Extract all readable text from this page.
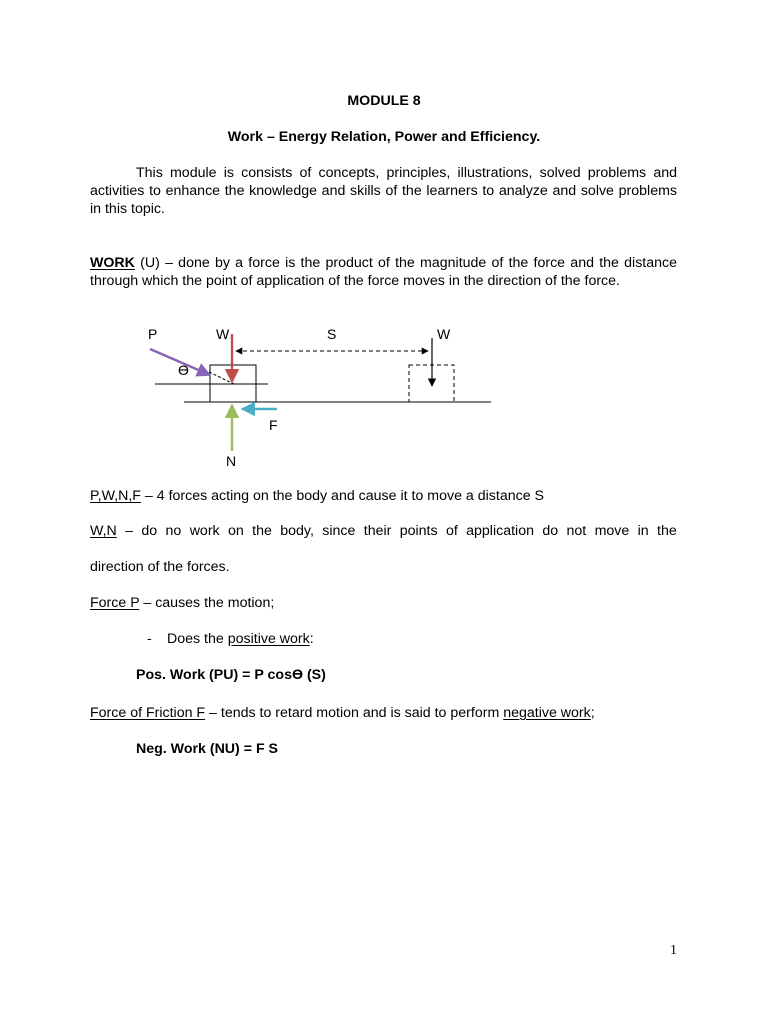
MODULE 8
Work – Energy Relation, Power and Efficiency.
This module is consists of concepts, principles, illustrations, solved problems and activities to enhance the knowledge and skills of the learners to analyze and solve problems in this topic.
WORK (U) – done by a force is the product of the magnitude of the force and the distance through which the point of application of the force moves in the direction of the force.
P	W	S	W
ϴ
F
N
P,W,N,F – 4 forces acting on the body and cause it to move a distance S
W,N – do no work on the body, since their points of application do not move in the
direction of the forces.
Force P – causes the motion;
- Does the positive work:
Pos. Work (PU) = P cosϴ (S)
Force of Friction F – tends to retard motion and is said to perform negative work;
Neg. Work (NU) = F S
1
